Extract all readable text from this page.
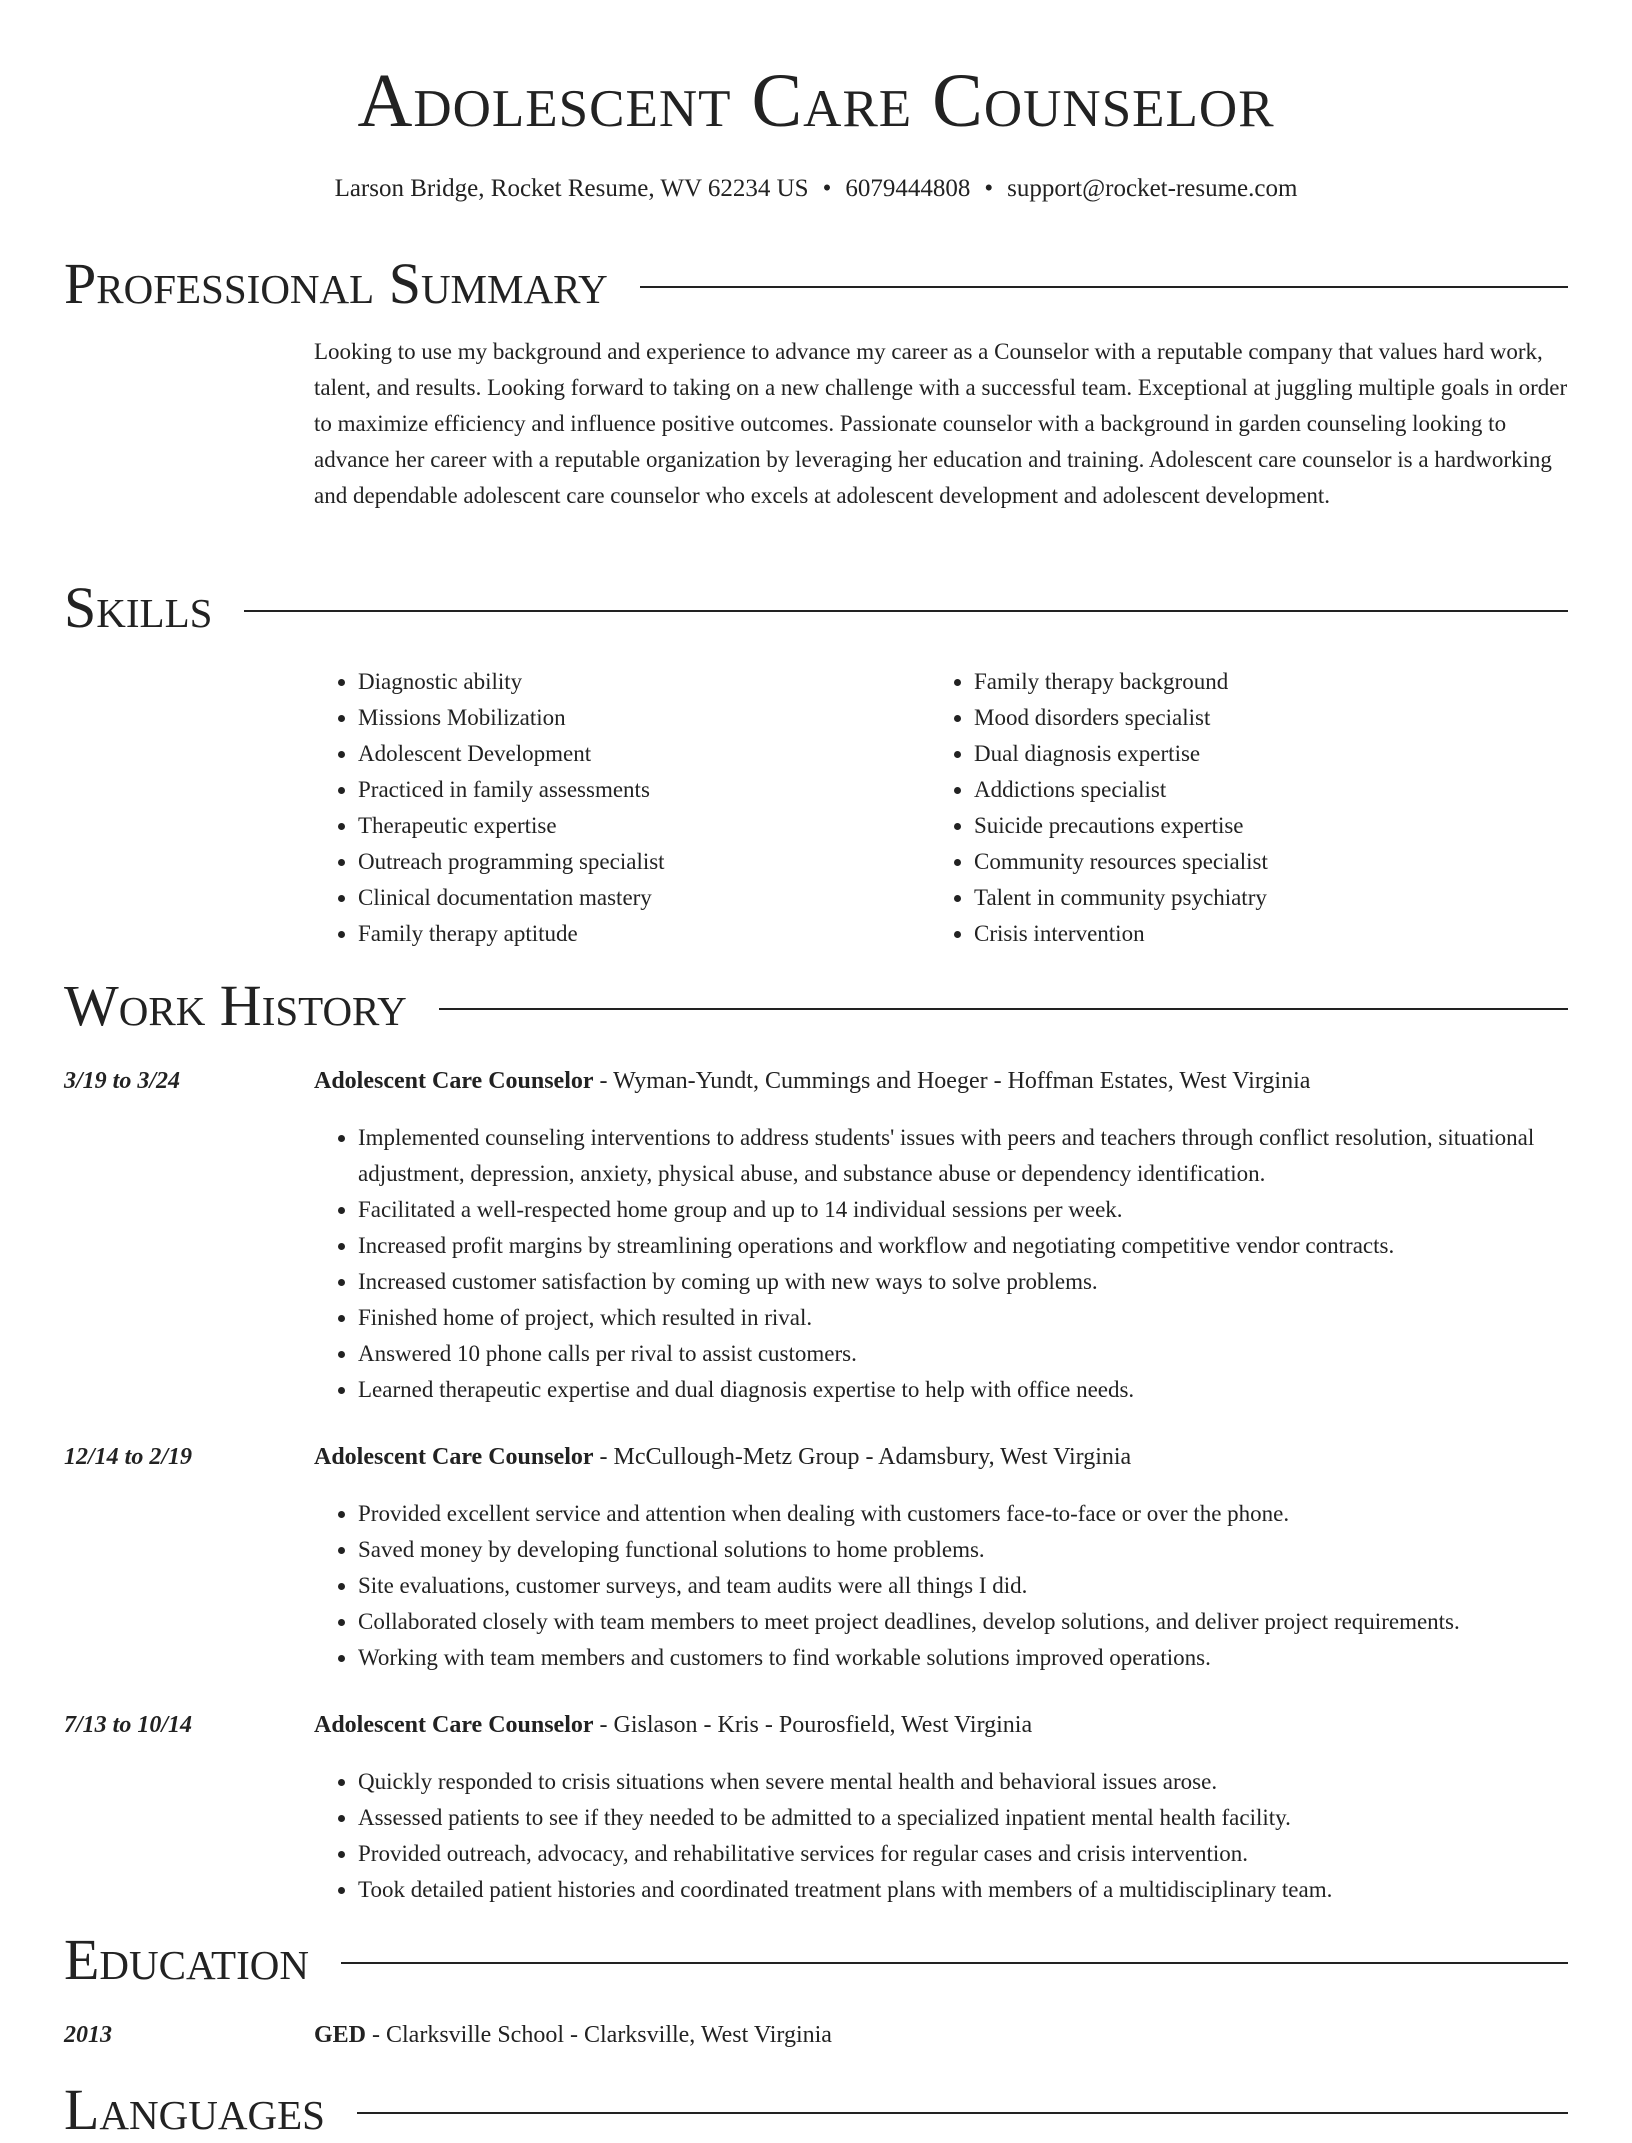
Adolescent Care Counselor
Larson Bridge, Rocket Resume, WV 62234 US • 6079444808 • support@rocket-resume.com
Professional Summary

Looking to use my background and experience to advance my career as a Counselor with a reputable company that values hard work, talent, and results. Looking forward to taking on a new challenge with a successful team. Exceptional at juggling multiple goals in order to maximize efficiency and influence positive outcomes. Passionate counselor with a background in garden counseling looking to advance her career with a reputable organization by leveraging her education and training. Adolescent care counselor is a hardworking and dependable adolescent care counselor who excels at adolescent development and adolescent development.

Skills
• Diagnostic ability
• Missions Mobilization
• Adolescent Development
• Practiced in family assessments
• Therapeutic expertise
• Outreach programming specialist
• Clinical documentation mastery
• Family therapy aptitude
• Family therapy background
• Mood disorders specialist
• Dual diagnosis expertise
• Addictions specialist
• Suicide precautions expertise
• Community resources specialist
• Talent in community psychiatry
• Crisis intervention
Work History
3/19 to 3/24	Adolescent Care Counselor - Wyman-Yundt, Cummings and Hoeger - Hoffman Estates, West Virginia
• Implemented counseling interventions to address students' issues with peers and teachers through conflict resolution, situational adjustment, depression, anxiety, physical abuse, and substance abuse or dependency identification.
• Facilitated a well-respected home group and up to 14 individual sessions per week.
• Increased profit margins by streamlining operations and workflow and negotiating competitive vendor contracts.
• Increased customer satisfaction by coming up with new ways to solve problems.
• Finished home of project, which resulted in rival.
• Answered 10 phone calls per rival to assist customers.
• Learned therapeutic expertise and dual diagnosis expertise to help with office needs.
12/14 to 2/19	Adolescent Care Counselor - McCullough-Metz Group - Adamsbury, West Virginia
• Provided excellent service and attention when dealing with customers face-to-face or over the phone.
• Saved money by developing functional solutions to home problems.
• Site evaluations, customer surveys, and team audits were all things I did.
• Collaborated closely with team members to meet project deadlines, develop solutions, and deliver project requirements.
• Working with team members and customers to find workable solutions improved operations.
7/13 to 10/14	Adolescent Care Counselor - Gislason - Kris - Pourosfield, West Virginia
• Quickly responded to crisis situations when severe mental health and behavioral issues arose.
• Assessed patients to see if they needed to be admitted to a specialized inpatient mental health facility.
• Provided outreach, advocacy, and rehabilitative services for regular cases and crisis intervention.
• Took detailed patient histories and coordinated treatment plans with members of a multidisciplinary team.
Education
2013	GED - Clarksville School - Clarksville, West Virginia
Languages
